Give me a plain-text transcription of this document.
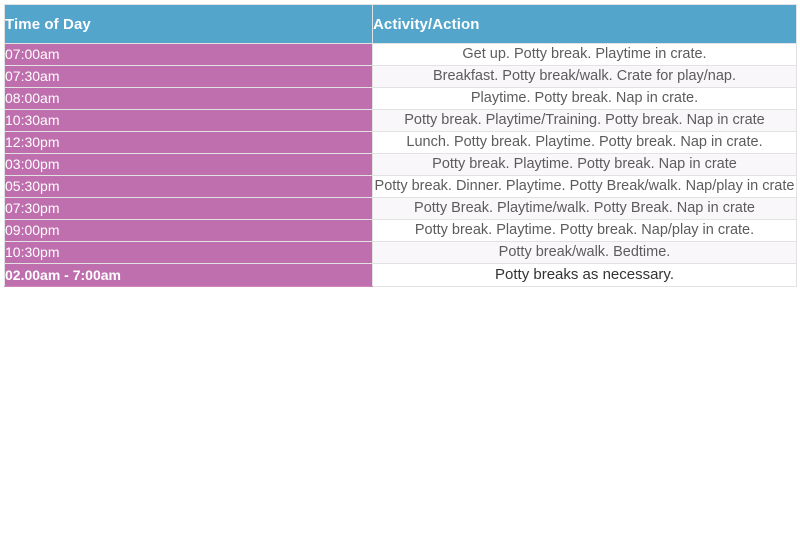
Time of Day	Activity/Action
07:00am	Get up. Potty break. Playtime in crate.
07:30am	Breakfast. Potty break/walk. Crate for play/nap.
08:00am	Playtime. Potty break. Nap in crate.
10:30am	Potty break. Playtime/Training. Potty break. Nap in crate
12:30pm	Lunch. Potty break. Playtime. Potty break. Nap in crate.
03:00pm	Potty break. Playtime. Potty break. Nap in crate
05:30pm	Potty break. Dinner. Playtime. Potty Break/walk. Nap/play in crate
07:30pm	Potty Break. Playtime/walk. Potty Break. Nap in crate
09:00pm	Potty break. Playtime. Potty break. Nap/play in crate.
10:30pm	Potty break/walk. Bedtime.
02.00am - 7:00am	Potty breaks as necessary.
